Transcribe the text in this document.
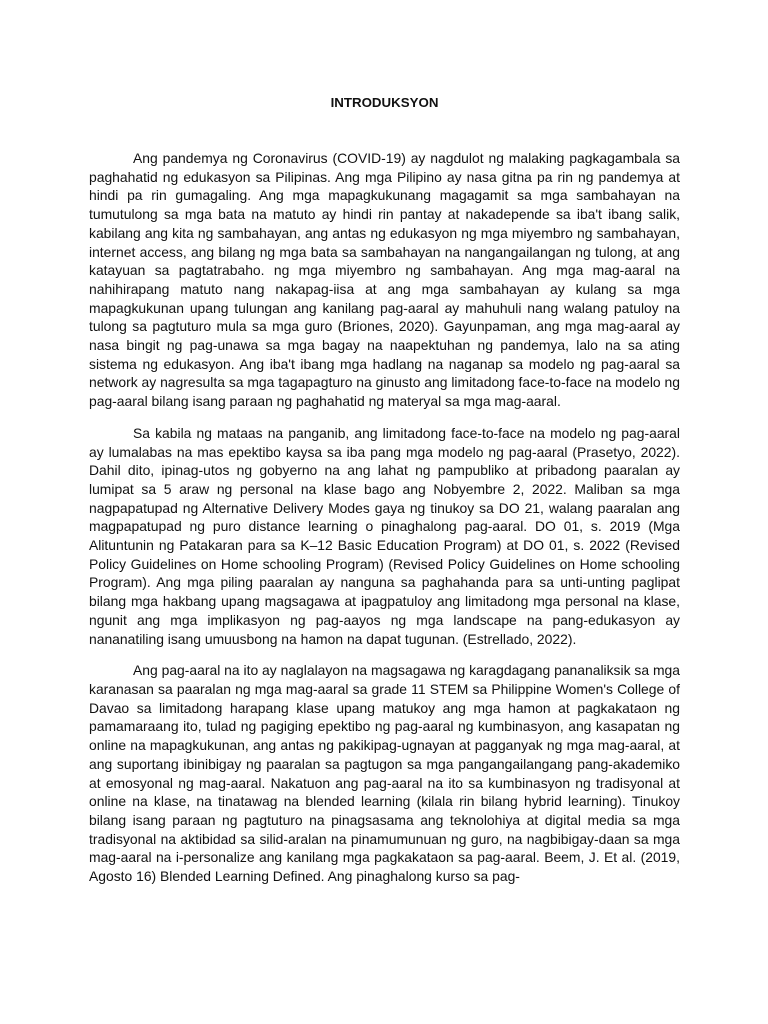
INTRODUKSYON

Ang pandemya ng Coronavirus (COVID-19) ay nagdulot ng malaking pagkagambala sa paghahatid ng edukasyon sa Pilipinas. Ang mga Pilipino ay nasa gitna pa rin ng pandemya at hindi pa rin gumagaling. Ang mga mapagkukunang magagamit sa mga sambahayan na tumutulong sa mga bata na matuto ay hindi rin pantay at nakadepende sa iba't ibang salik, kabilang ang kita ng sambahayan, ang antas ng edukasyon ng mga miyembro ng sambahayan, internet access, ang bilang ng mga bata sa sambahayan na nangangailangan ng tulong, at ang katayuan sa pagtatrabaho. ng mga miyembro ng sambahayan. Ang mga mag-aaral na nahihirapang matuto nang nakapag-iisa at ang mga sambahayan ay kulang sa mga mapagkukunan upang tulungan ang kanilang pag-aaral ay mahuhuli nang walang patuloy na tulong sa pagtuturo mula sa mga guro (Briones, 2020). Gayunpaman, ang mga mag-aaral ay nasa bingit ng pag-unawa sa mga bagay na naapektuhan ng pandemya, lalo na sa ating sistema ng edukasyon. Ang iba't ibang mga hadlang na naganap sa modelo ng pag-aaral sa network ay nagresulta sa mga tagapagturo na ginusto ang limitadong face-to-face na modelo ng pag-aaral bilang isang paraan ng paghahatid ng materyal sa mga mag-aaral.

Sa kabila ng mataas na panganib, ang limitadong face-to-face na modelo ng pag-aaral ay lumalabas na mas epektibo kaysa sa iba pang mga modelo ng pag-aaral (Prasetyo, 2022). Dahil dito, ipinag-utos ng gobyerno na ang lahat ng pampubliko at pribadong paaralan ay lumipat sa 5 araw ng personal na klase bago ang Nobyembre 2, 2022. Maliban sa mga nagpapatupad ng Alternative Delivery Modes gaya ng tinukoy sa DO 21, walang paaralan ang magpapatupad ng puro distance learning o pinaghalong pag-aaral. DO 01, s. 2019 (Mga Alituntunin ng Patakaran para sa K–12 Basic Education Program) at DO 01, s. 2022 (Revised Policy Guidelines on Home schooling Program) (Revised Policy Guidelines on Home schooling Program). Ang mga piling paaralan ay nanguna sa paghahanda para sa unti-unting paglipat bilang mga hakbang upang magsagawa at ipagpatuloy ang limitadong mga personal na klase, ngunit ang mga implikasyon ng pag-aayos ng mga landscape na pang-edukasyon ay nananatiling isang umuusbong na hamon na dapat tugunan. (Estrellado, 2022).

Ang pag-aaral na ito ay naglalayon na magsagawa ng karagdagang pananaliksik sa mga karanasan sa paaralan ng mga mag-aaral sa grade 11 STEM sa Philippine Women's College of Davao sa limitadong harapang klase upang matukoy ang mga hamon at pagkakataon ng pamamaraang ito, tulad ng pagiging epektibo ng pag-aaral ng kumbinasyon, ang kasapatan ng online na mapagkukunan, ang antas ng pakikipag-ugnayan at pagganyak ng mga mag-aaral, at ang suportang ibinibigay ng paaralan sa pagtugon sa mga pangangailangang pang-akademiko at emosyonal ng mag-aaral. Nakatuon ang pag-aaral na ito sa kumbinasyon ng tradisyonal at online na klase, na tinatawag na blended learning (kilala rin bilang hybrid learning). Tinukoy bilang isang paraan ng pagtuturo na pinagsasama ang teknolohiya at digital media sa mga tradisyonal na aktibidad sa silid-aralan na pinamumunuan ng guro, na nagbibigay-daan sa mga mag-aaral na i-personalize ang kanilang mga pagkakataon sa pag-aaral. Beem, J. Et al. (2019, Agosto 16) Blended Learning Defined. Ang pinaghalong kurso sa pag-
